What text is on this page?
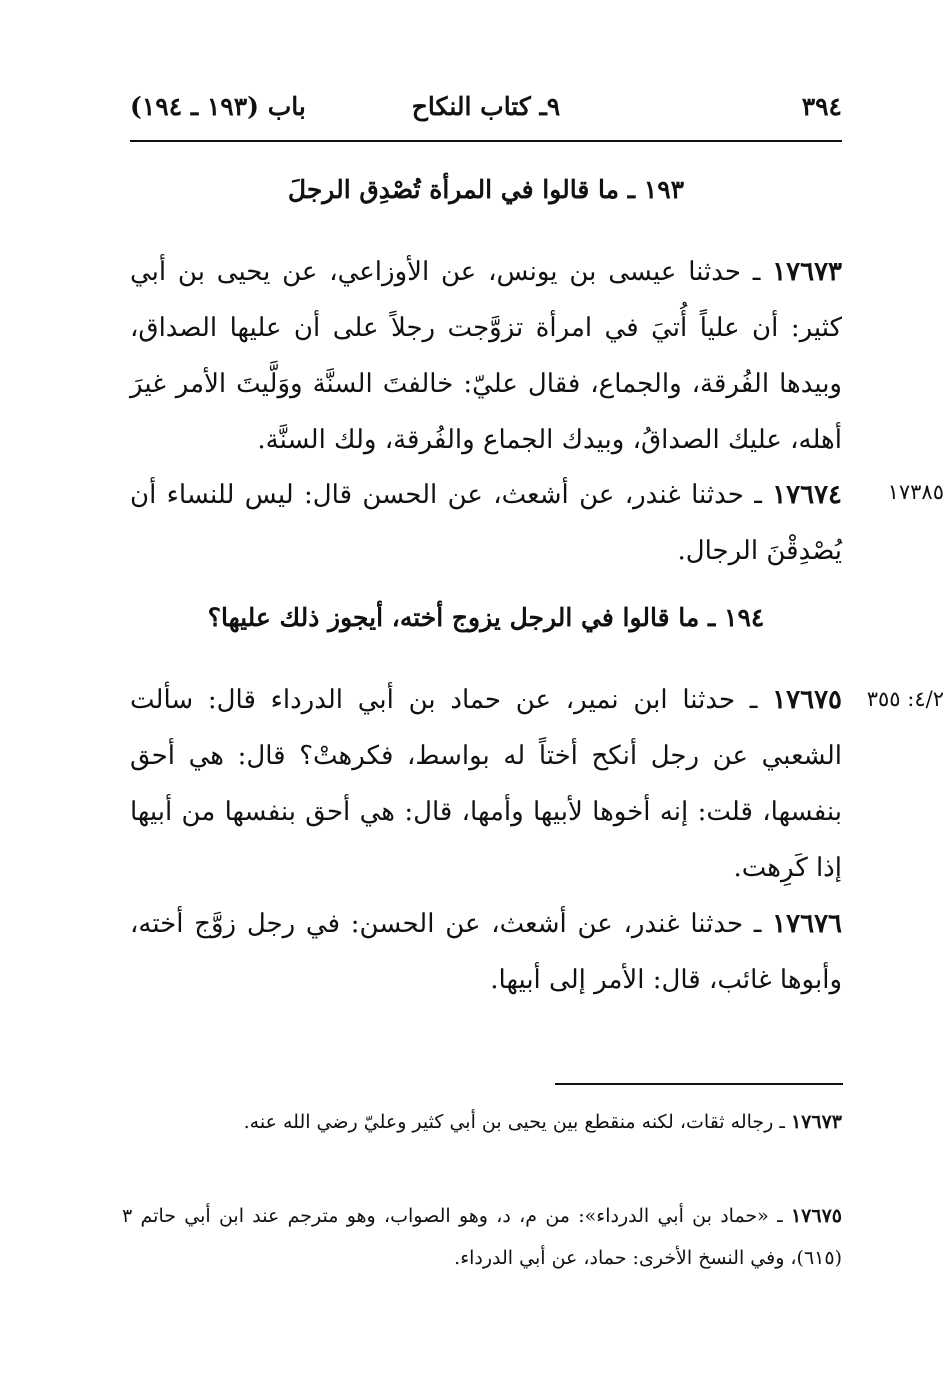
٣٩٤
٩ـ كتاب النكاح
باب (١٩٣ ـ ١٩٤)
١٩٣ ـ ما قالوا في المرأة تُصْدِق الرجلَ

١٧٦٧٣ ـ حدثنا عيسى بن يونس، عن الأوزاعي، عن يحيى بن أبي كثير: أن علياً أُتيَ في امرأة تزوَّجت رجلاً على أن عليها الصداق، وبيدها الفُرقة، والجماع، فقال عليّ: خالفتَ السنَّة ووَلَّيتَ الأمر غيرَ أهله، عليك الصداقُ، وبيدك الجماع والفُرقة، ولك السنَّة.

١٧٣٨٥

١٧٦٧٤ ـ حدثنا غندر، عن أشعث، عن الحسن قال: ليس للنساء أن يُصْدِقْنَ الرجال.

١٩٤ ـ ما قالوا في الرجل يزوج أخته، أيجوز ذلك عليها؟
٤/٢: ٣٥٥

١٧٦٧٥ ـ حدثنا ابن نمير، عن حماد بن أبي الدرداء قال: سألت الشعبي عن رجل أنكح أختاً له بواسط، فكرهتْ؟ قال: هي أحق بنفسها، قلت: إنه أخوها لأبيها وأمها، قال: هي أحق بنفسها من أبيها إذا كَرِهت.

١٧٦٧٦ ـ حدثنا غندر، عن أشعث، عن الحسن: في رجل زوَّج أخته، وأبوها غائب، قال: الأمر إلى أبيها.

١٧٦٧٣ ـ رجاله ثقات، لكنه منقطع بين يحيى بن أبي كثير وعليّ رضي الله عنه.

١٧٦٧٥ ـ «حماد بن أبي الدرداء»: من م، د، وهو الصواب، وهو مترجم عند ابن أبي حاتم ٣ (٦١٥)، وفي النسخ الأخرى: حماد، عن أبي الدرداء.
